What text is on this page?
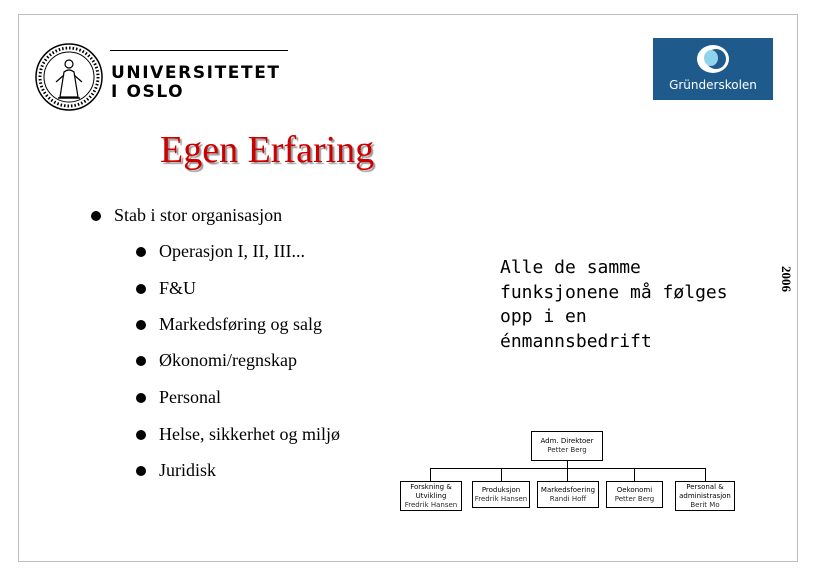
UNIVERSITETET
I OSLO	Gründerskolen
2006
Egen Erfaring
Stab i stor organisasjon
Operasjon I, II, III...
F&U
Markedsføring og salg
Økonomi/regnskap
Personal
Helse, sikkerhet og miljø
Juridisk
Alle de samme
funksjonene må følges
opp i en
énmannsbedrift
Adm. Direktoer
Petter Berg
Forskning &
Utvikling
Fredrik Hansen
Produksjon
Fredrik Hansen
Markedsfoering
Randi Hoff
Oekonomi
Petter Berg
Personal &
administrasjon
Berit Mo
